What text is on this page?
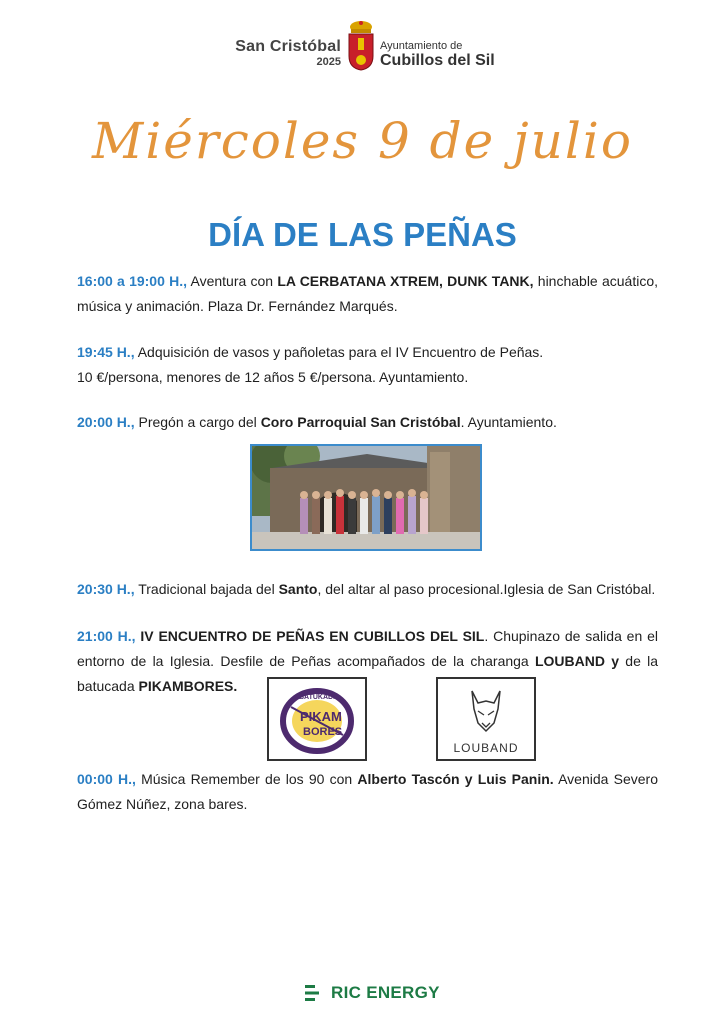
San Cristóbal
2025
Ayuntamiento de
Cubillos del Sil
Miércoles 9 de julio
DÍA DE LAS PEÑAS
16:00 a 19:00 H., Aventura con LA CERBATANA XTREM, DUNK TANK, hinchable acuático, música y animación. Plaza Dr. Fernández Marqués.
19:45 H., Adquisición de vasos y pañoletas para el IV Encuentro de Peñas.
10 €/persona, menores de 12 años 5 €/persona. Ayuntamiento.
20:00 H., Pregón a cargo del Coro Parroquial San Cristóbal. Ayuntamiento.
20:30 H., Tradicional bajada del Santo, del altar al paso procesional.Iglesia de San Cristóbal.
21:00 H., IV ENCUENTRO DE PEÑAS EN CUBILLOS DEL SIL. Chupinazo de salida en el entorno de la Iglesia. Desfile de Peñas acompañados de la charanga LOUBAND y de la batucada PIKAMBORES.
BATUKADA
PIKAM
BORES
LOUBAND
00:00 H., Música Remember de los 90 con Alberto Tascón y Luis Panin. Avenida Severo Gómez Núñez, zona bares.
RIC ENERGY
